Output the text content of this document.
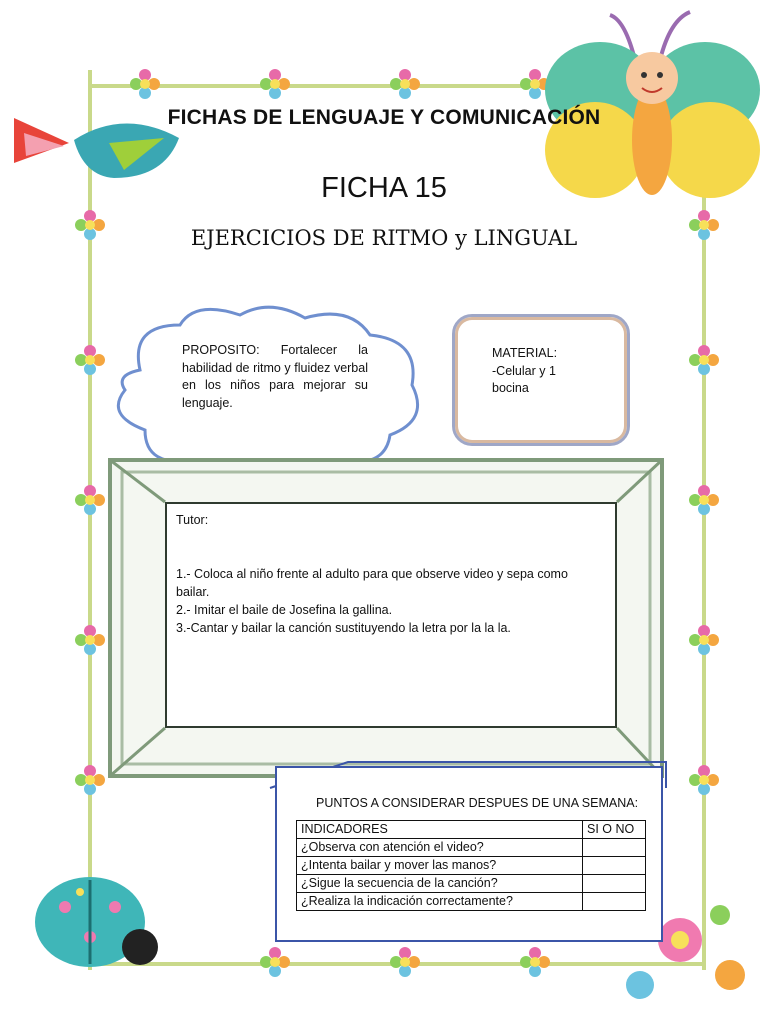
FICHAS DE LENGUAJE Y COMUNICACIÓN
FICHA 15
EJERCICIOS DE RITMO y LINGUAL
PROPOSITO: Fortalecer la habilidad de ritmo y fluidez verbal en los niños para mejorar su lenguaje.
MATERIAL:
-Celular y 1
bocina
Tutor:
1.- Coloca al niño frente al adulto para que observe video y sepa como bailar.
2.- Imitar el baile de Josefina la gallina.
3.-Cantar y bailar la canción sustituyendo la letra por la la la.
PUNTOS A CONSIDERAR DESPUES DE UNA SEMANA:
INDICADORES	SI O NO
¿Observa con atención el video?	
¿Intenta bailar y mover las manos?	
¿Sigue la secuencia de la canción?	
¿Realiza la indicación correctamente?	
